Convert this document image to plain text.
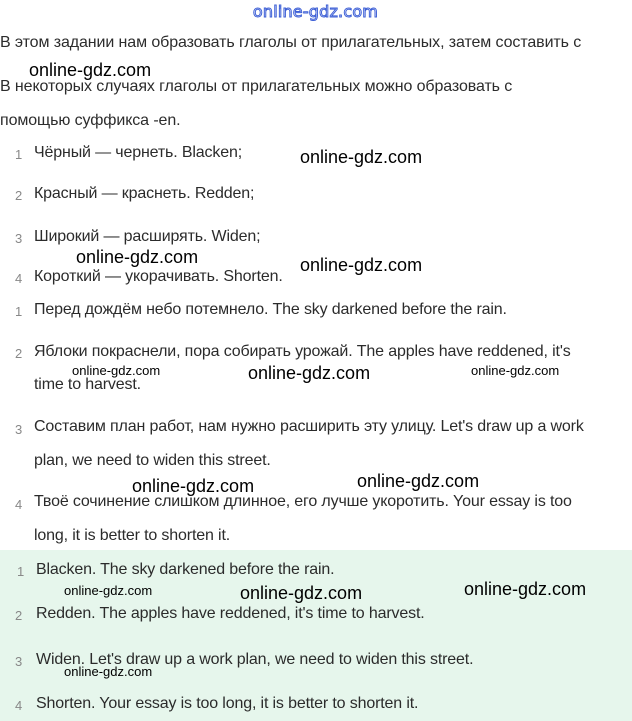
online-gdz.com
В этом задании нам образовать глаголы от прилагательных, затем составить с
В некоторых случаях глаголы от прилагательных можно образовать с
помощью суффикса -en.
1 Чёрный — чернеть. Blacken;
2 Красный — краснеть. Redden;
3 Широкий — расширять. Widen;
4 Короткий — укорачивать. Shorten.
1 Перед дождём небо потемнело. The sky darkened before the rain.
2 Яблоки покраснели, пора собирать урожай. The apples have reddened, it's
time to harvest.
3 Составим план работ, нам нужно расширить эту улицу. Let's draw up a work
plan, we need to widen this street.
4 Твоё сочинение слишком длинное, его лучше укоротить. Your essay is too
long, it is better to shorten it.
1 Blacken. The sky darkened before the rain.
2 Redden. The apples have reddened, it's time to harvest.
3 Widen. Let's draw up a work plan, we need to widen this street.
4 Shorten. Your essay is too long, it is better to shorten it.
online-gdz.com
online-gdz.com
online-gdz.com	online-gdz.com
online-gdz.com	online-gdz.com	online-gdz.com
online-gdz.com
online-gdz.com
online-gdz.com	online-gdz.com	online-gdz.com
online-gdz.com
